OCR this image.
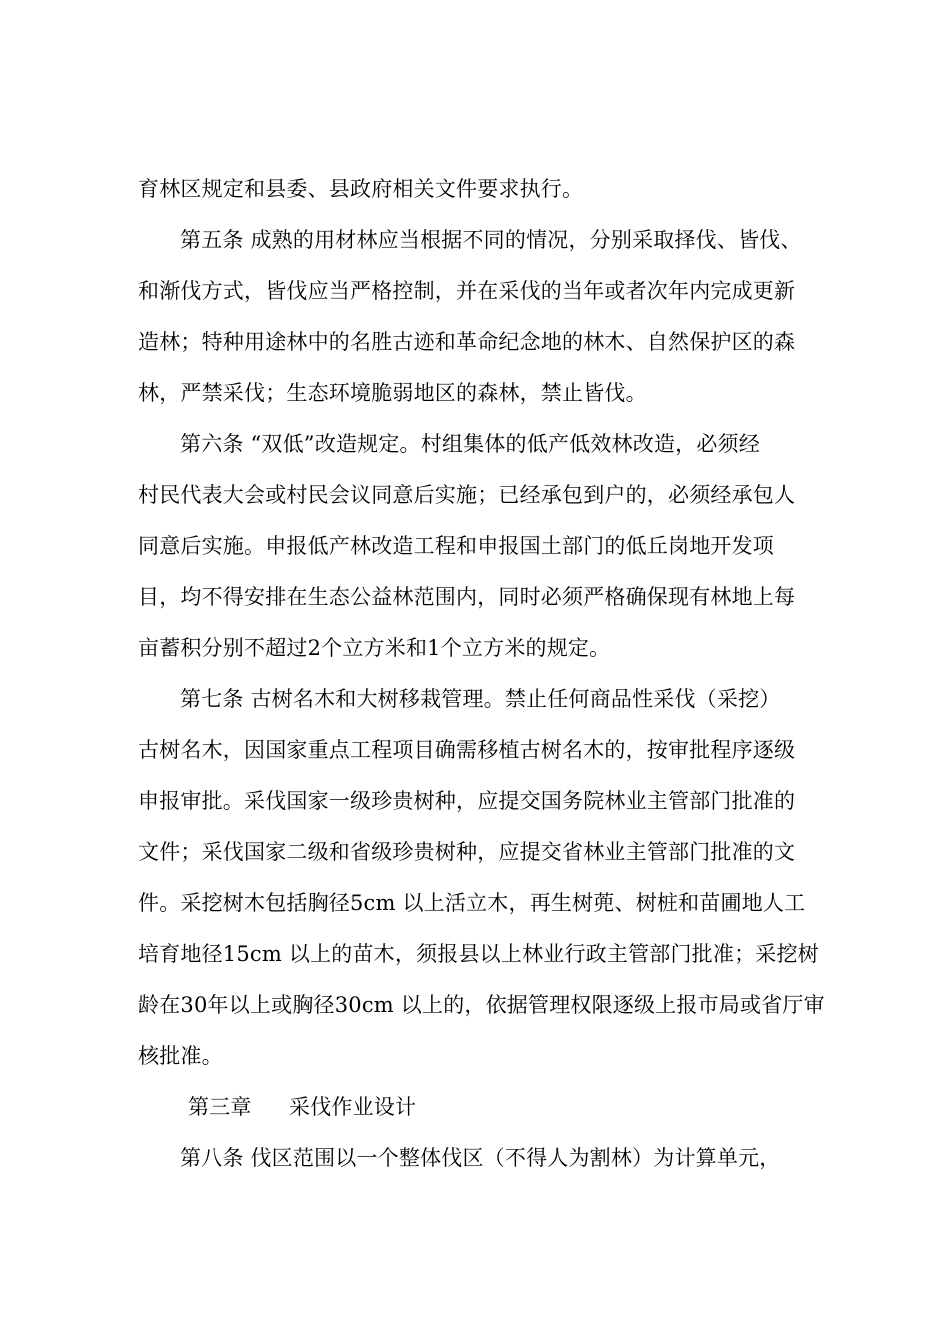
育林区规定和县委、县政府相关文件要求执行。
第五条 成熟的用材林应当根据不同的情况，分别采取择伐、皆伐、
和渐伐方式，皆伐应当严格控制，并在采伐的当年或者次年内完成更新
造林；特种用途林中的名胜古迹和革命纪念地的林木、自然保护区的森
林，严禁采伐；生态环境脆弱地区的森林，禁止皆伐。
第六条 “双低”改造规定。村组集体的低产低效林改造，必须经
村民代表大会或村民会议同意后实施；已经承包到户的，必须经承包人
同意后实施。申报低产林改造工程和申报国土部门的低丘岗地开发项
目，均不得安排在生态公益林范围内，同时必须严格确保现有林地上每
亩蓄积分别不超过2个立方米和1个立方米的规定。
第七条 古树名木和大树移栽管理。禁止任何商品性采伐（采挖）
古树名木，因国家重点工程项目确需移植古树名木的，按审批程序逐级
申报审批。采伐国家一级珍贵树种，应提交国务院林业主管部门批准的
文件；采伐国家二级和省级珍贵树种，应提交省林业主管部门批准的文
件。采挖树木包括胸径5cm 以上活立木，再生树蔸、树桩和苗圃地人工
培育地径15cm 以上的苗木，须报县以上林业行政主管部门批准；采挖树
龄在30年以上或胸径30cm 以上的，依据管理权限逐级上报市局或省厅审
核批准。
第三章 采伐作业设计
第八条 伐区范围以一个整体伐区（不得人为割林）为计算单元，
